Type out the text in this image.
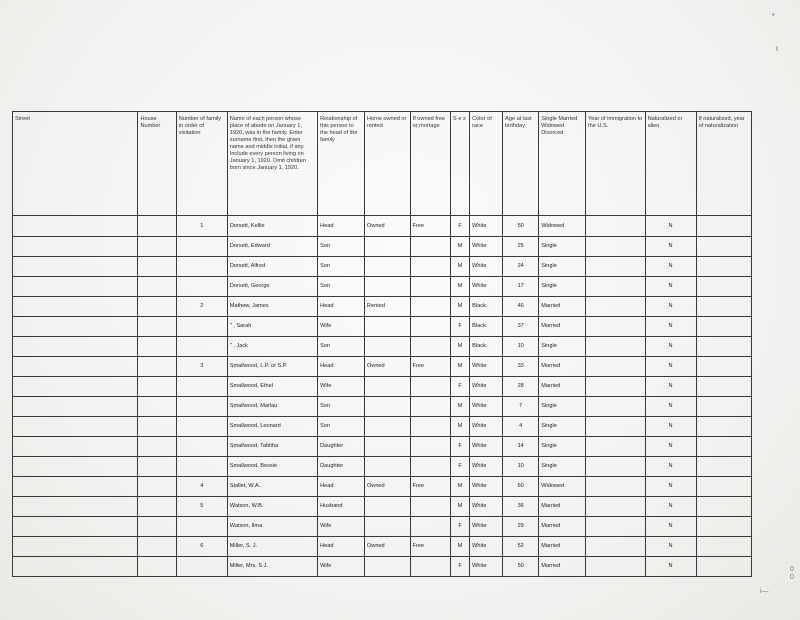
•
ℓ
i—
0
0
Street	House Number	Number of family in order of visitation	Name of each person whose place of abode on January 1, 1920, was in the family. Enter surname first, then the given name and middle initial, if any. Include every person living on January 1, 1920. Omit children born since January 1, 1920.	Relationship of this person to the head of the family	Home owned or rented	If owned free or mortage	S e x	Color of race	Age at last birthday	Single Married Widowed Divorced	Year of immigration to the U.S.	Naturalized or alien	If naturalized, year of naturalization
		1	Dorsett, Kellie	Head	Owned	Free	F	White	50	Widowed		N	
			Dorsett, Edward	Son			M	White	25	Single		N	
			Dorsett, Alfred	Son			M	White	24	Single		N	
			Dorsett, George	Son			M	White	17	Single		N	
		2	Mathew, James	Head	Rented		M	Black	46	Married		N	
			" , Sarah	Wife			F	Black	37	Married		N	
			" , Jack	Son			M	Black	10	Single		N	
		3	Smallwood, L.P. or S.P.	Head	Owned	Free	M	White	33	Married		N	
			Smallwood, Ethel	Wife			F	White	28	Married		N	
			Smallwood, Marlau	Son			M	White	7	Single		N	
			Smallwood, Leonard	Son			M	White	4	Single		N	
			Smallwood, Tabitha	Daughter			F	White	14	Single		N	
			Smallwood, Bessie	Daughter			F	White	10	Single		N	
		4	Stallet, W.A.	Head	Owned	Free	M	White	60	Widowed		N	
		5	Watson, W.B.	Husband			M	White	36	Married		N	
			Watson, Ilma	Wife			F	White	29	Married		N	
		6	Miller, S. J.	Head	Owned	Free	M	White	52	Married		N	
			Miller, Mrs. S J.	Wife			F	White	50	Married		N	
